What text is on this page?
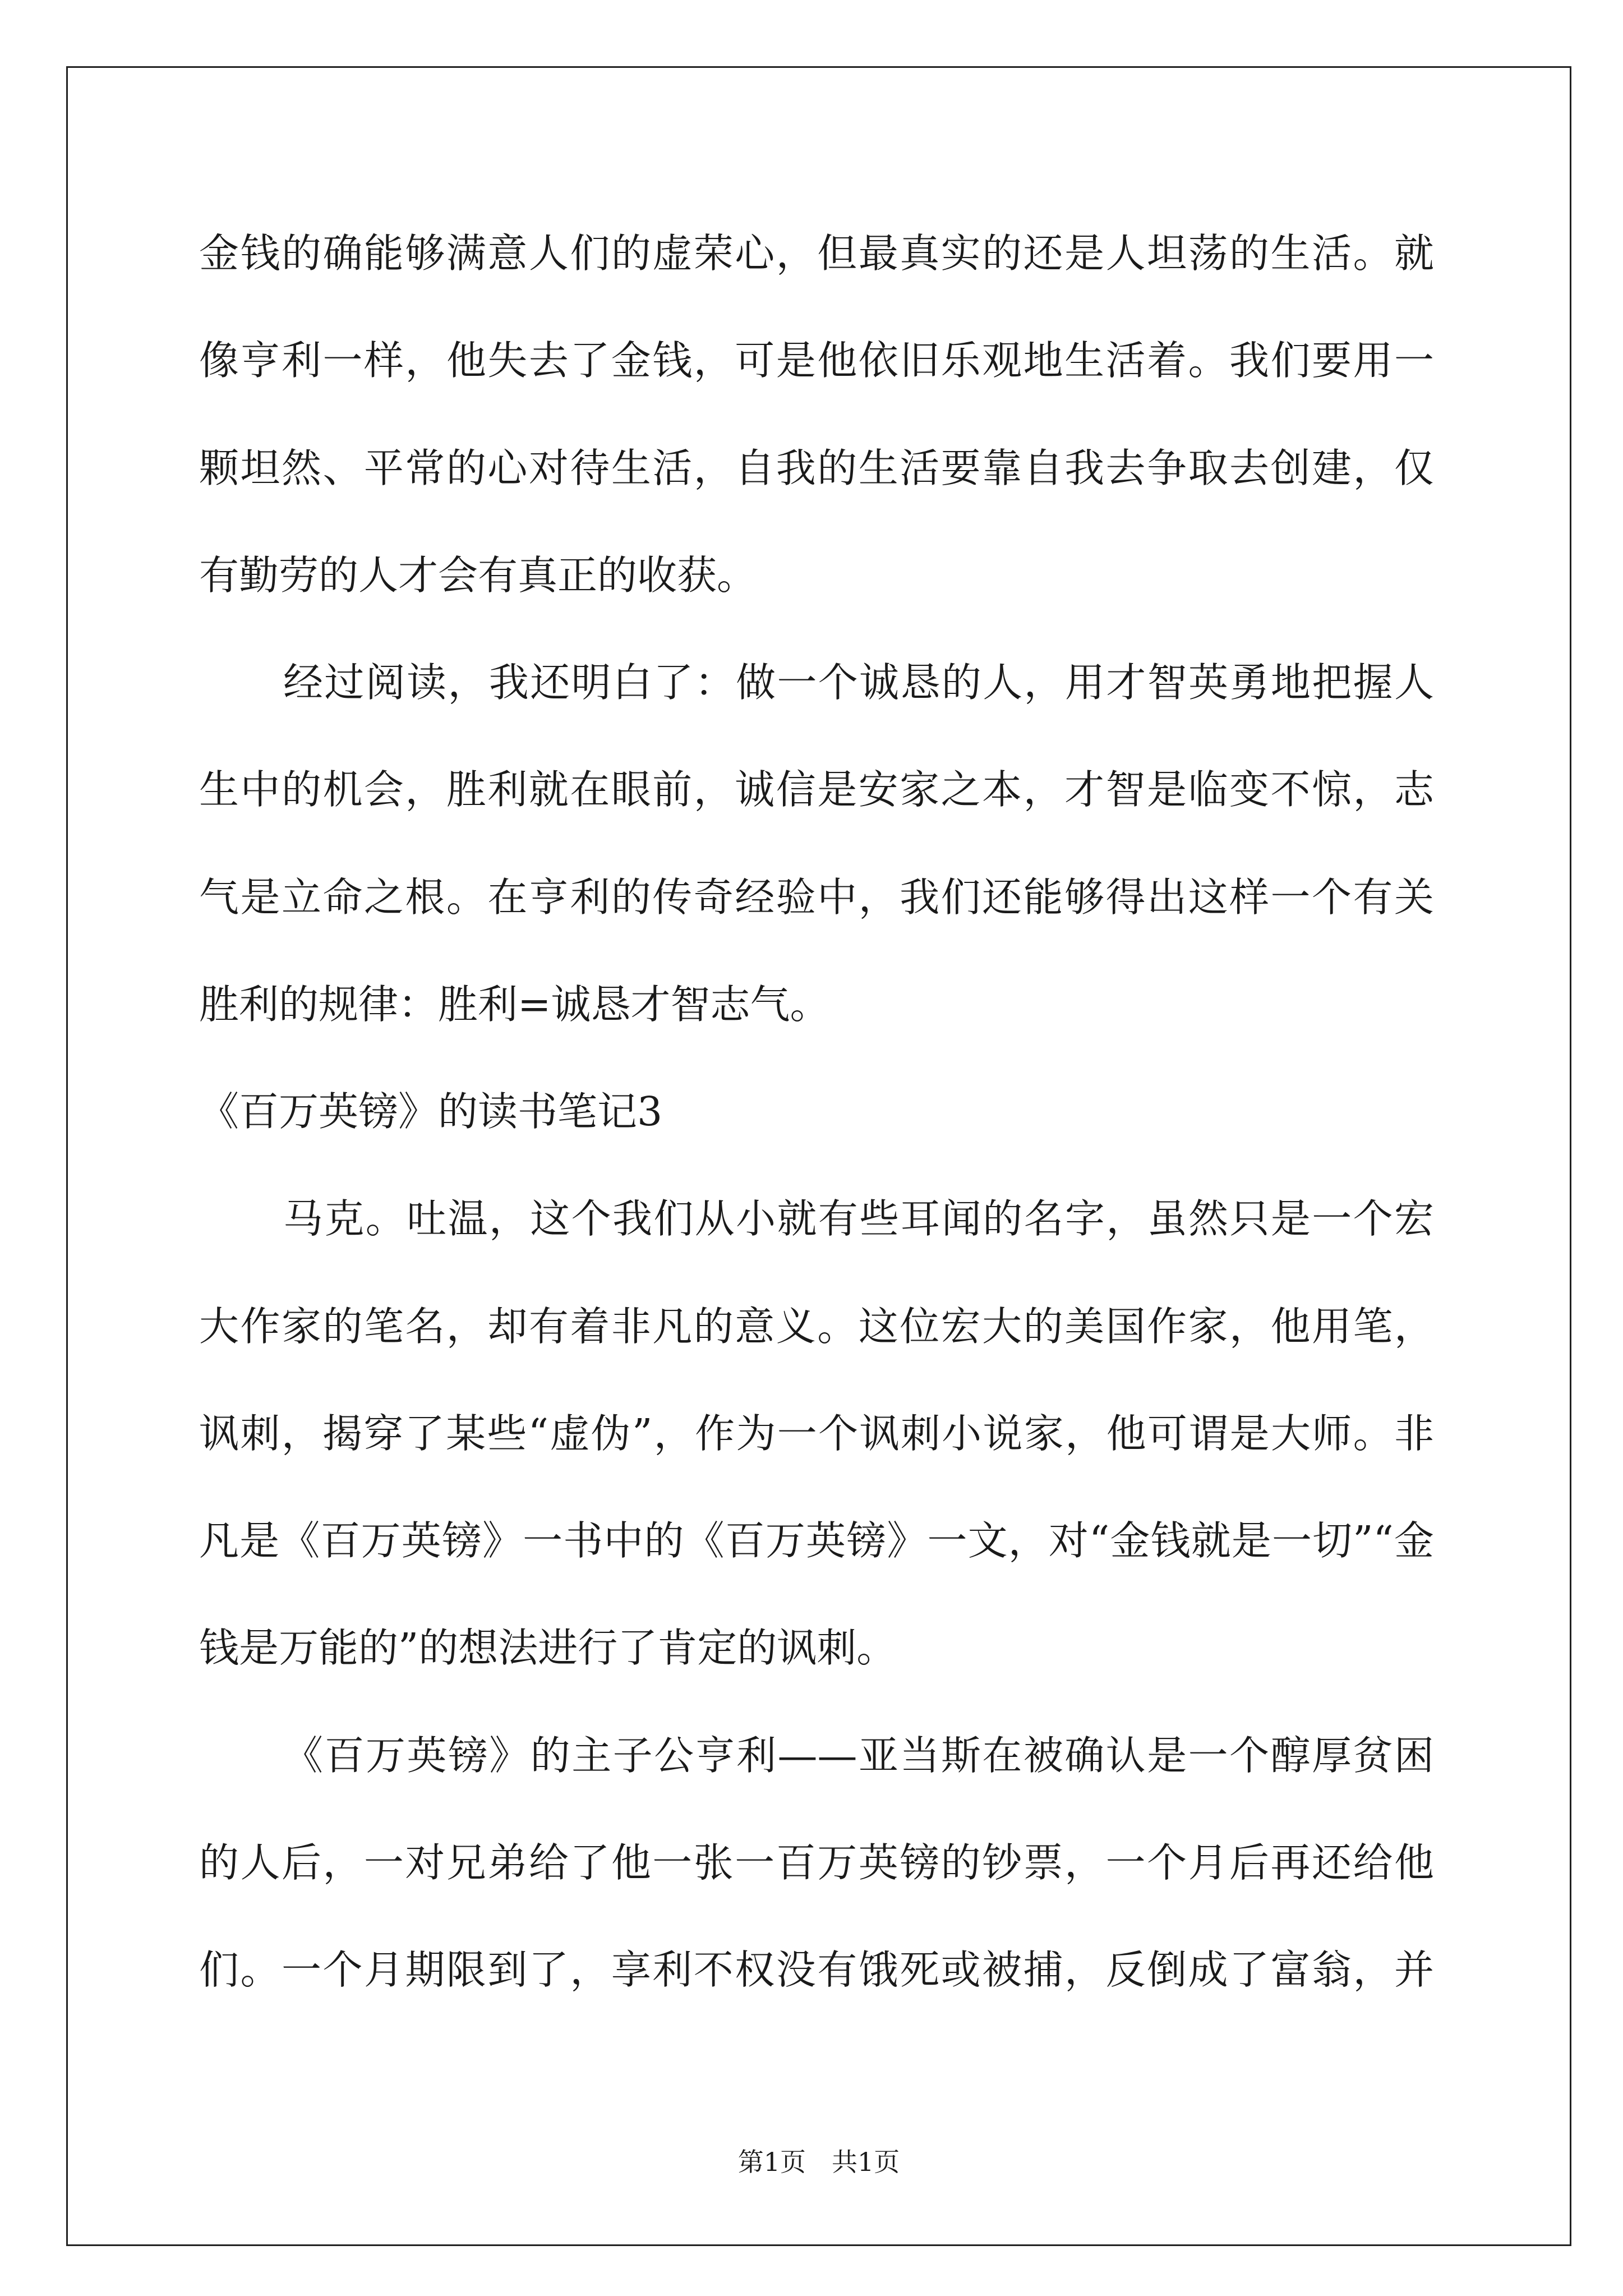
金钱的确能够满意人们的虚荣心，但最真实的还是人坦荡的生活。就
像亨利一样，他失去了金钱，可是他依旧乐观地生活着。我们要用一
颗坦然、平常的心对待生活，自我的生活要靠自我去争取去创建，仅
有勤劳的人才会有真正的收获。
经过阅读，我还明白了：做一个诚恳的人，用才智英勇地把握人
生中的机会，胜利就在眼前，诚信是安家之本，才智是临变不惊，志
气是立命之根。在亨利的传奇经验中，我们还能够得出这样一个有关
胜利的规律：胜利=诚恳才智志气。
《百万英镑》的读书笔记3
马克。吐温，这个我们从小就有些耳闻的名字，虽然只是一个宏
大作家的笔名，却有着非凡的意义。这位宏大的美国作家，他用笔，
讽刺，揭穿了某些“虚伪”，作为一个讽刺小说家，他可谓是大师。非
凡是《百万英镑》一书中的《百万英镑》一文，对“金钱就是一切”“金
钱是万能的”的想法进行了肯定的讽刺。
《百万英镑》的主子公亨利——亚当斯在被确认是一个醇厚贫困
的人后，一对兄弟给了他一张一百万英镑的钞票，一个月后再还给他
们。一个月期限到了，享利不权没有饿死或被捕，反倒成了富翁，并
第1页 共1页
